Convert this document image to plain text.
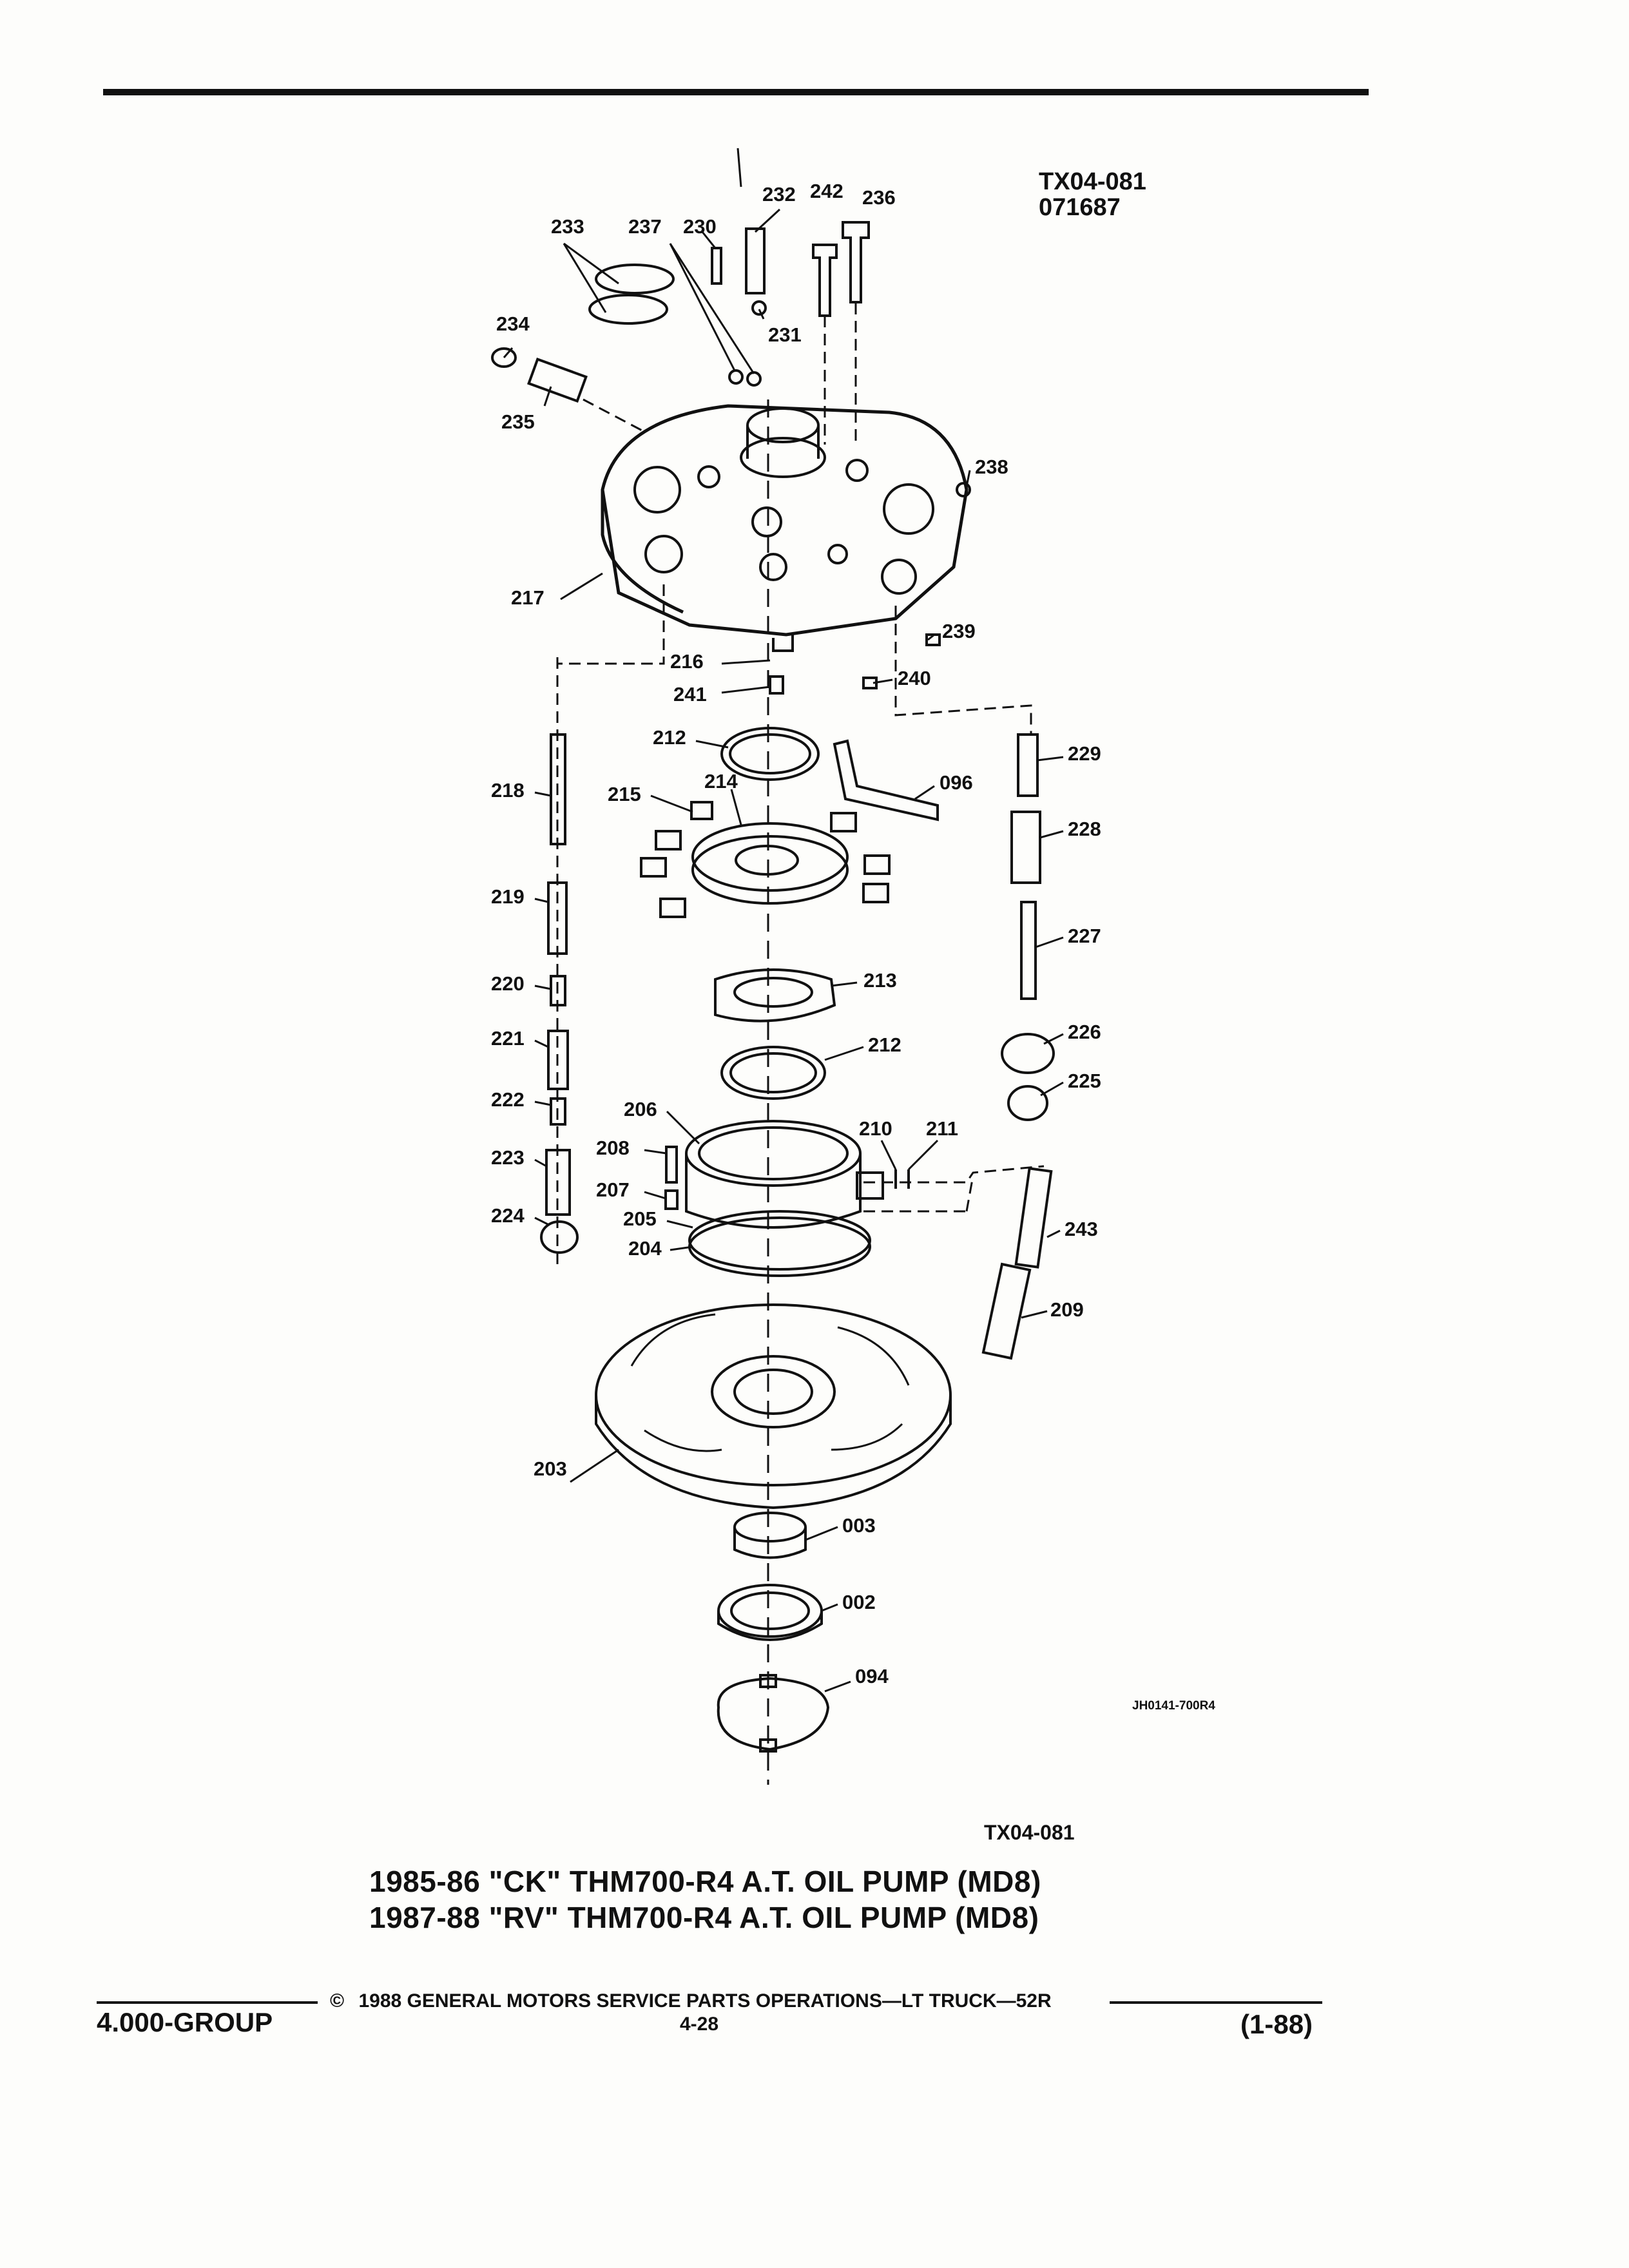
TX04-081
071687
233 237 230
232 242 236
231
234
235
238
217
239
216
240
241
212
096
229
218	214
215
228
219
227
213
220
226
221	212
225
222	206
210 211
208
223
207
205
224
204
243
209
203
003
002
094
JH0141-700R4
TX04-081
1985-86 "CK" THM700-R4 A.T. OIL PUMP (MD8)
1987-88 "RV" THM700-R4 A.T. OIL PUMP (MD8)
© 1988 GENERAL MOTORS SERVICE PARTS OPERATIONS—LT TRUCK—52R
4.000-GROUP	4-28	(1-88)
